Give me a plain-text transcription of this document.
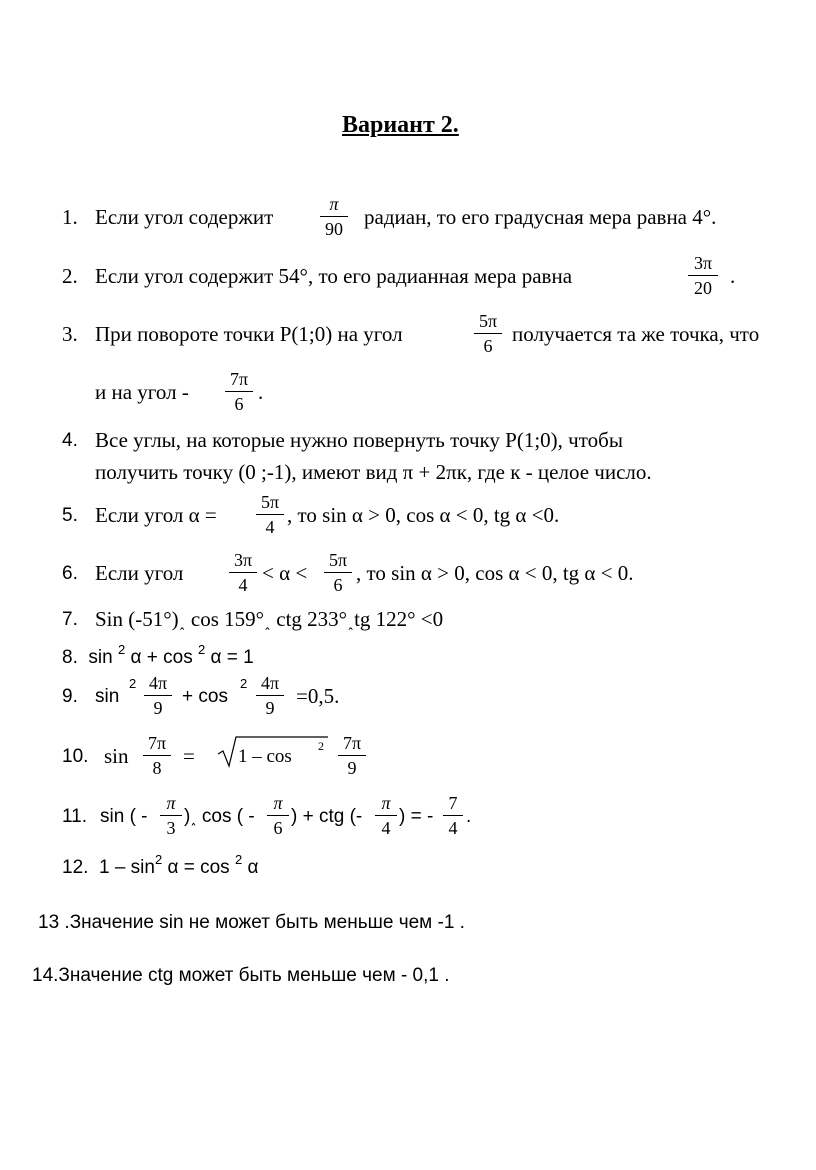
Вариант 2.
1. Если угол содержит
π
90 радиан, то его градусная мера равна 4°.
2. Если угол содержит 54°, то его радианная мера равна
3π
20 .
3. При повороте точки P(1;0) на угол
5π
6 получается та же точка, что
и на угол -
7π
6 .
4. Все углы, на которые нужно повернуть точку P(1;0), чтобы
получить точку (0 ;-1), имеют вид π + 2πк, где к - целое число.
5. Если угол α =
5π
4 , то sin α > 0, cos α < 0, tg α <0.
6. Если угол
3π
4 < α <
5π
6 , то sin α > 0, cos α < 0, tg α < 0.
7. Sin (-51°)˰ cos 159°˰ ctg 233°˰tg 122° <0
8. sin $^2$ α + cos $^2$ α = 1
9. sin
2 4π
9
+ cos
2 4π
9	=0,5.
10. sin
7π
8	= 1 – cos 2 7π
9
11. sin ( -
π
3
)˰ cos ( -
π
6
) + ctg (-
π
4
) = -
7
4
.
12. $1 - \sin^2 \alpha = \cos ^2$ α
13 .Значение sin не может быть меньше чем -1 .
14.Значение ctg может быть меньше чем - 0,1 .
